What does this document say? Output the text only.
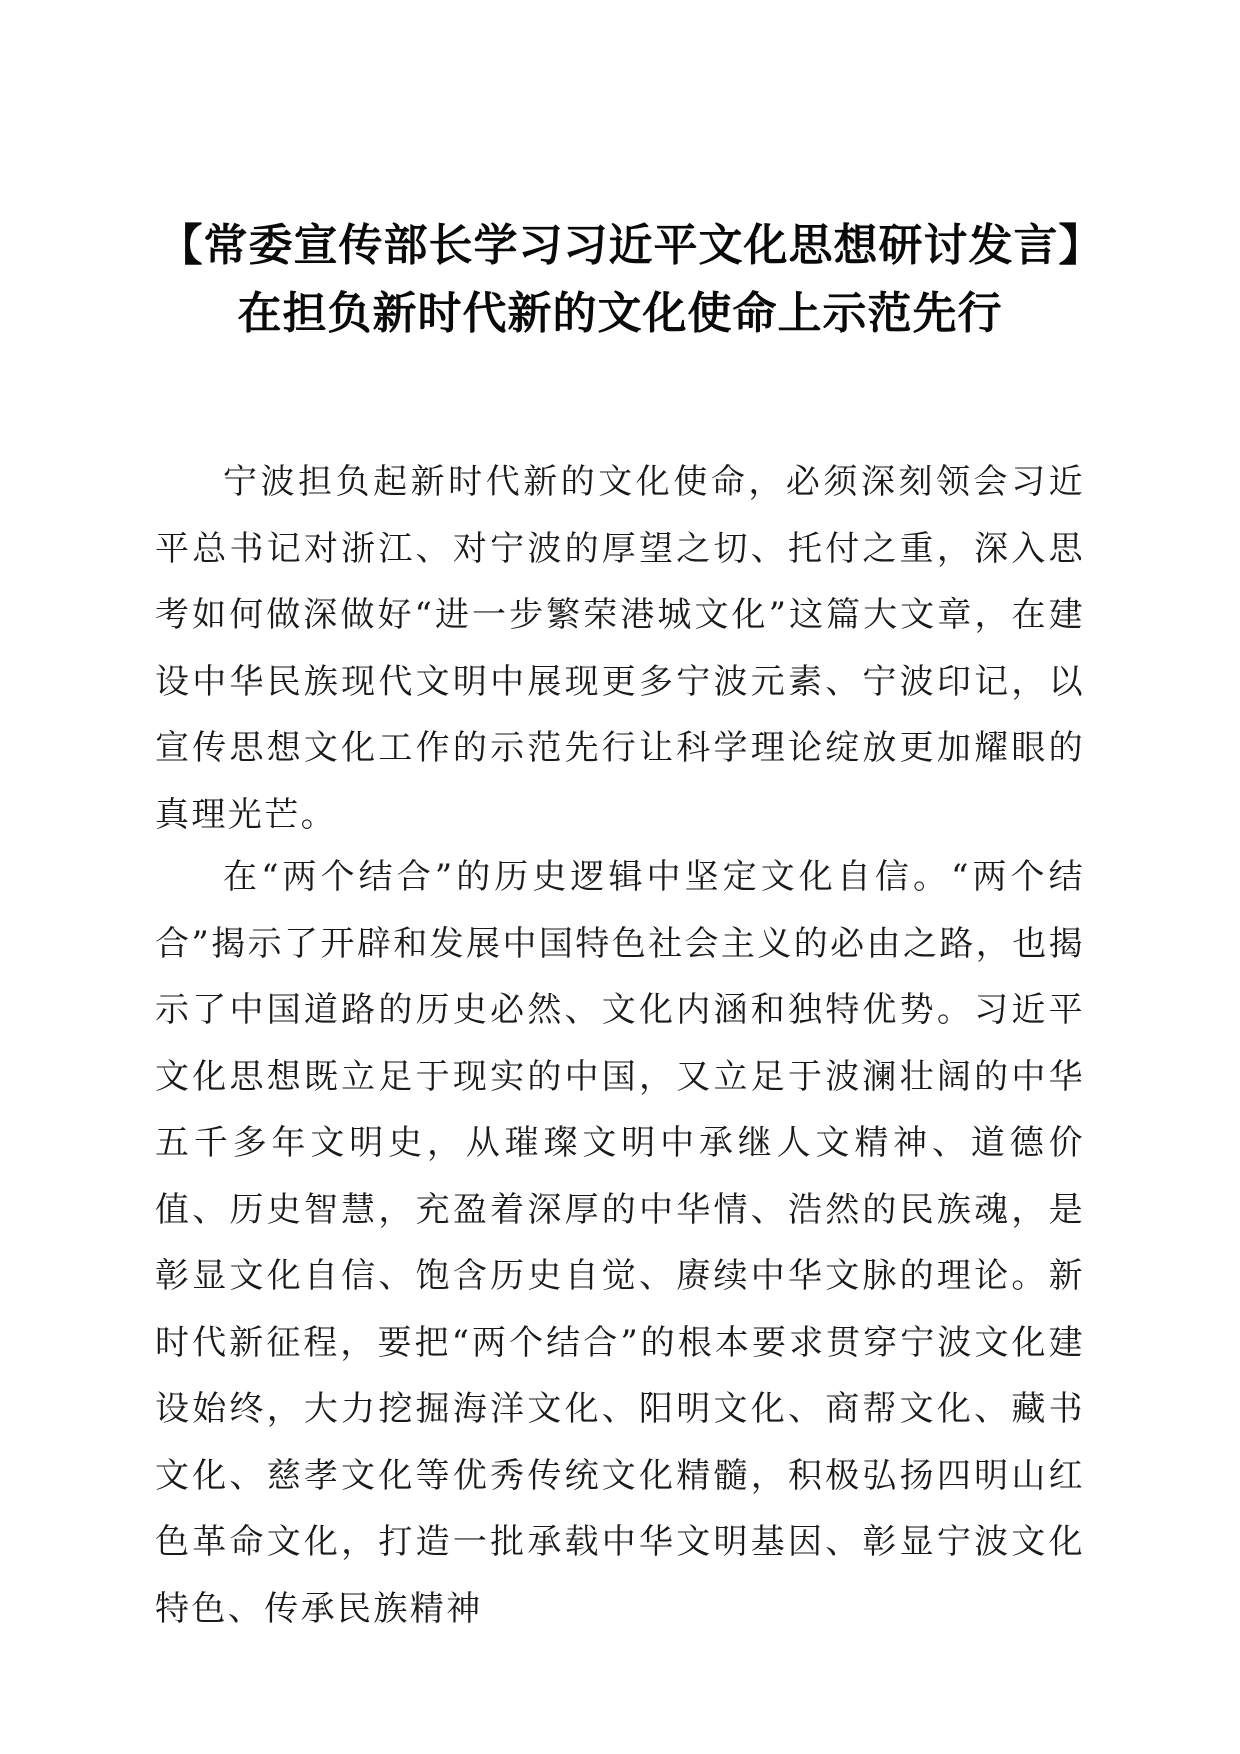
【常委宣传部长学习习近平文化思想研讨发言】在担负新时代新的文化使命上示范先行

宁波担负起新时代新的文化使命，必须深刻领会习近平总书记对浙江、对宁波的厚望之切、托付之重，深入思考如何做深做好“进一步繁荣港城文化”这篇大文章，在建设中华民族现代文明中展现更多宁波元素、宁波印记，以宣传思想文化工作的示范先行让科学理论绽放更加耀眼的真理光芒。

在“两个结合”的历史逻辑中坚定文化自信。“两个结合”揭示了开辟和发展中国特色社会主义的必由之路，也揭示了中国道路的历史必然、文化内涵和独特优势。习近平文化思想既立足于现实的中国，又立足于波澜壮阔的中华五千多年文明史，从璀璨文明中承继人文精神、道德价值、历史智慧，充盈着深厚的中华情、浩然的民族魂，是彰显文化自信、饱含历史自觉、赓续中华文脉的理论。新时代新征程，要把“两个结合”的根本要求贯穿宁波文化建设始终，大力挖掘海洋文化、阳明文化、商帮文化、藏书文化、慈孝文化等优秀传统文化精髓，积极弘扬四明山红色革命文化，打造一批承载中华文明基因、彰显宁波文化特色、传承民族精神
